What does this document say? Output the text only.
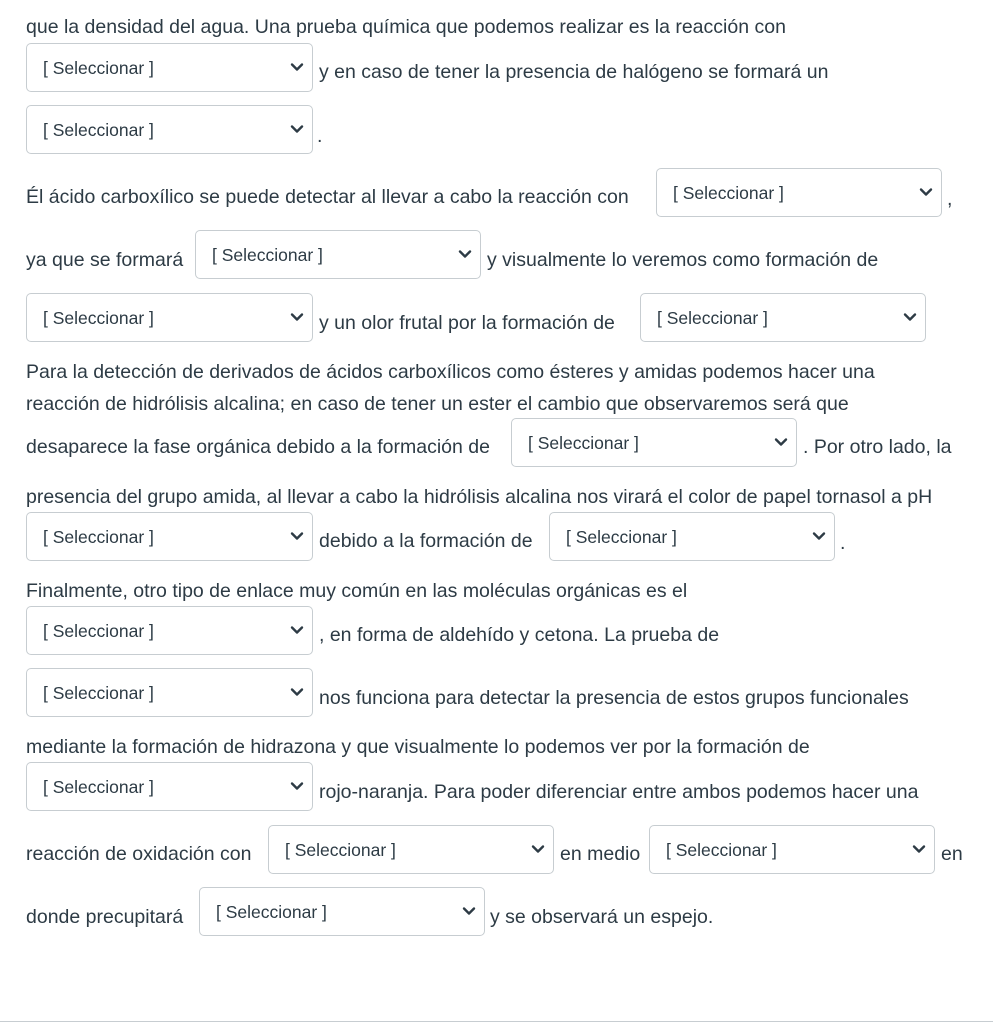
que la densidad del agua. Una prueba química que podemos realizar es la reacción con
[ Seleccionar ]	y en caso de tener la presencia de halógeno se formará un
[ Seleccionar ]	.
Él ácido carboxílico se puede detectar al llevar a cabo la reacción con	[ Seleccionar ]	,
ya que se formará [ Seleccionar ]	y visualmente lo veremos como formación de
[ Seleccionar ]	y un olor frutal por la formación de [ Seleccionar ]
Para la detección de derivados de ácidos carboxílicos como ésteres y amidas podemos hacer una
reacción de hidrólisis alcalina; en caso de tener un ester el cambio que observaremos será que
desaparece la fase orgánica debido a la formación de [ Seleccionar ]	. Por otro lado, la
presencia del grupo amida, al llevar a cabo la hidrólisis alcalina nos virará el color de papel tornasol a pH
[ Seleccionar ]	debido a la formación de [ Seleccionar ]	.
Finalmente, otro tipo de enlace muy común en las moléculas orgánicas es el
[ Seleccionar ]	, en forma de aldehído y cetona. La prueba de
[ Seleccionar ]	nos funciona para detectar la presencia de estos grupos funcionales
mediante la formación de hidrazona y que visualmente lo podemos ver por la formación de
[ Seleccionar ]	rojo-naranja. Para poder diferenciar entre ambos podemos hacer una
reacción de oxidación con [ Seleccionar ]	en medio [ Seleccionar ]	en
donde precupitará [ Seleccionar ]	y se observará un espejo.
